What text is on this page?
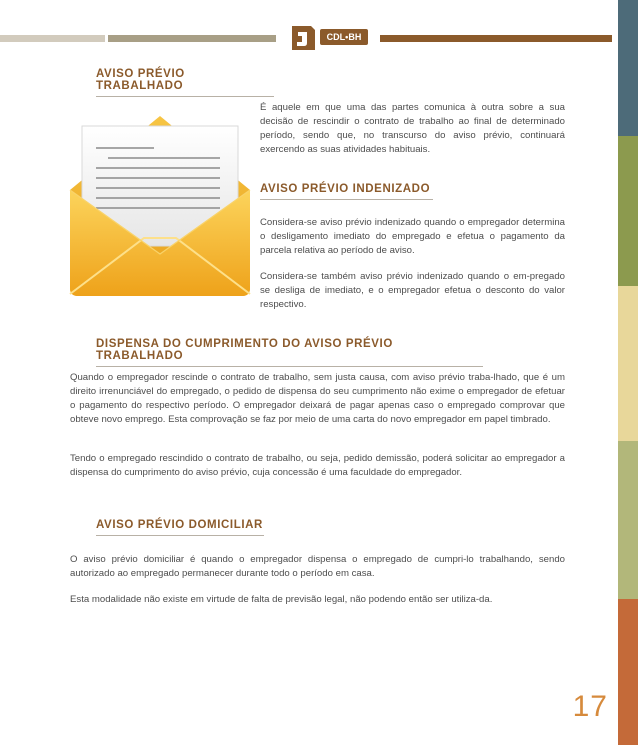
CDL•BH
AVISO PRÉVIO TRABALHADO

É aquele em que uma das partes comunica à outra sobre a sua decisão de rescindir o contrato de trabalho ao final de determinado período, sendo que, no transcurso do aviso prévio, continuará exercendo as suas atividades habituais.

AVISO PRÉVIO INDENIZADO

Considera-se aviso prévio indenizado quando o empregador determina o desligamento imediato do empregado e efetua o pagamento da parcela relativa ao período de aviso.

Considera-se também aviso prévio indenizado quando o em-pregado se desliga de imediato, e o empregador efetua o desconto do valor respectivo.

DISPENSA DO CUMPRIMENTO DO AVISO PRÉVIO TRABALHADO

Quando o empregador rescinde o contrato de trabalho, sem justa causa, com aviso prévio traba-lhado, que é um direito irrenunciável do empregado, o pedido de dispensa do seu cumprimento não exime o empregador de efetuar o pagamento do respectivo período. O empregador deixará de pagar apenas caso o empregado comprovar que obteve novo emprego. Esta comprovação se faz por meio de uma carta do novo empregador em papel timbrado.

Tendo o empregado rescindido o contrato de trabalho, ou seja, pedido demissão, poderá solicitar ao empregador a dispensa do cumprimento do aviso prévio, cuja concessão é uma faculdade do empregador.

AVISO PRÉVIO DOMICILIAR

O aviso prévio domiciliar é quando o empregador dispensa o empregado de cumpri-lo trabalhando, sendo autorizado ao empregado permanecer durante todo o período em casa.

Esta modalidade não existe em virtude de falta de previsão legal, não podendo então ser utiliza-da.

17
